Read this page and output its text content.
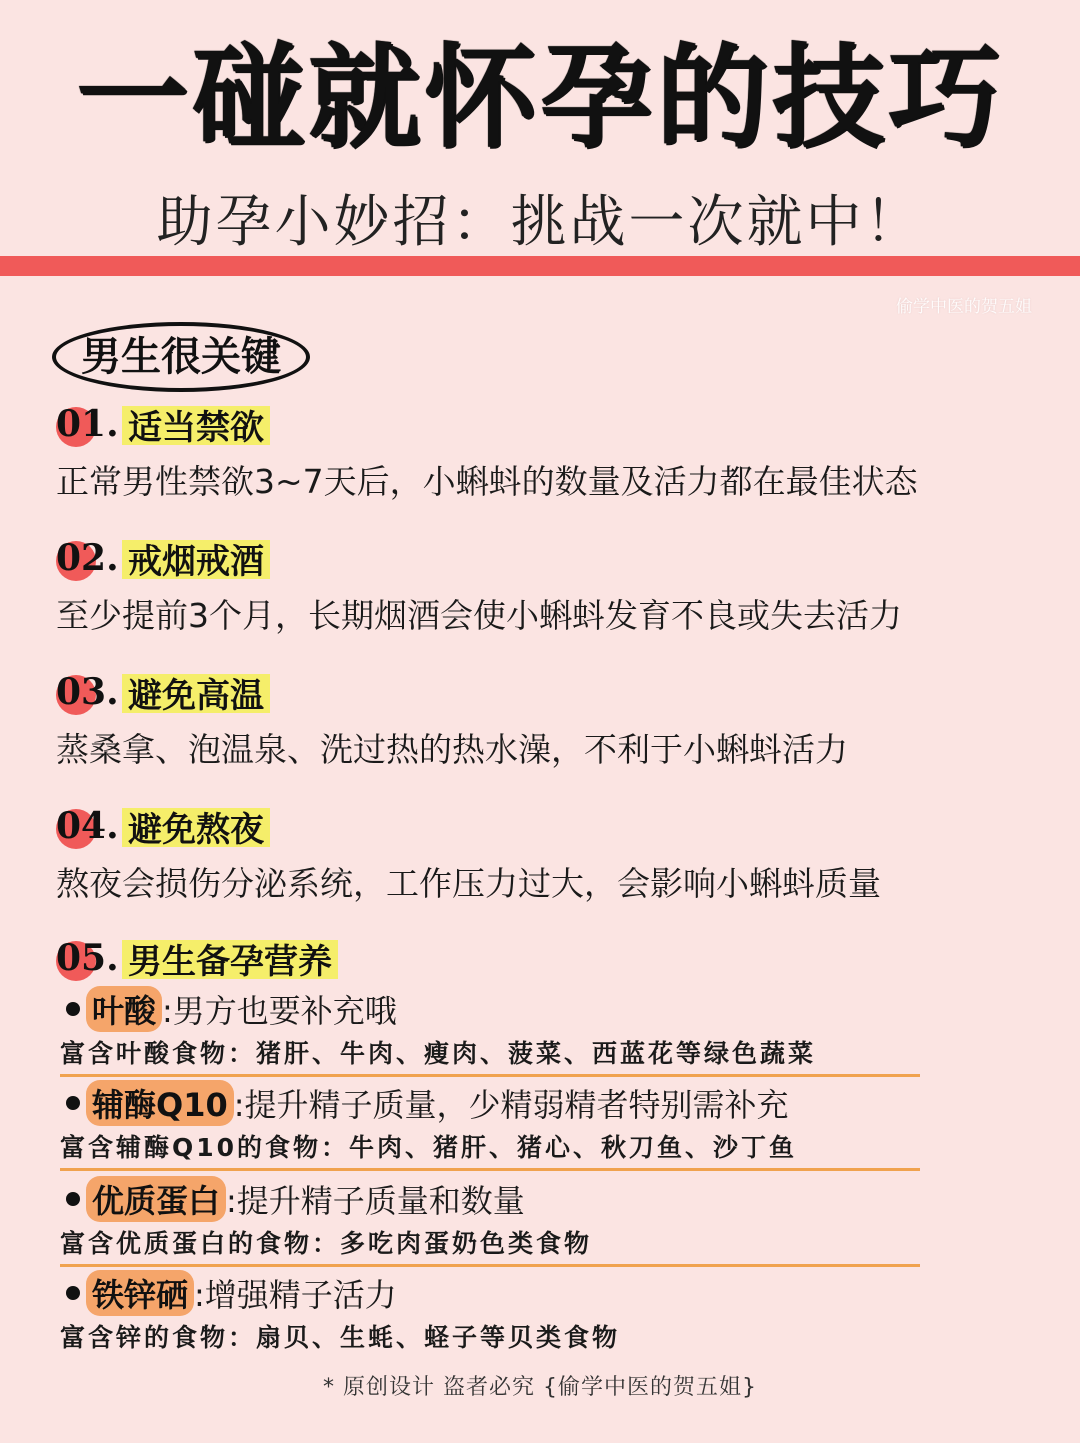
一碰就怀孕的技巧
助孕小妙招：挑战一次就中！
偷学中医的贺五姐
男生很关键
01. 适当禁欲
正常男性禁欲3~7天后，小蝌蚪的数量及活力都在最佳状态
02. 戒烟戒酒
至少提前3个月，长期烟酒会使小蝌蚪发育不良或失去活力
03. 避免高温
蒸桑拿、泡温泉、洗过热的热水澡，不利于小蝌蚪活力
04. 避免熬夜
熬夜会损伤分泌系统，工作压力过大，会影响小蝌蚪质量
05. 男生备孕营养
叶酸 :男方也要补充哦
富含叶酸食物：猪肝、牛肉、瘦肉、菠菜、西蓝花等绿色蔬菜
辅酶Q10 :提升精子质量，少精弱精者特别需补充
富含辅酶Q10的食物：牛肉、猪肝、猪心、秋刀鱼、沙丁鱼
优质蛋白 :提升精子质量和数量
富含优质蛋白的食物：多吃肉蛋奶色类食物
铁锌硒 :增强精子活力
富含锌的食物：扇贝、生蚝、蛏子等贝类食物
* 原创设计 盗者必究 {偷学中医的贺五姐}
